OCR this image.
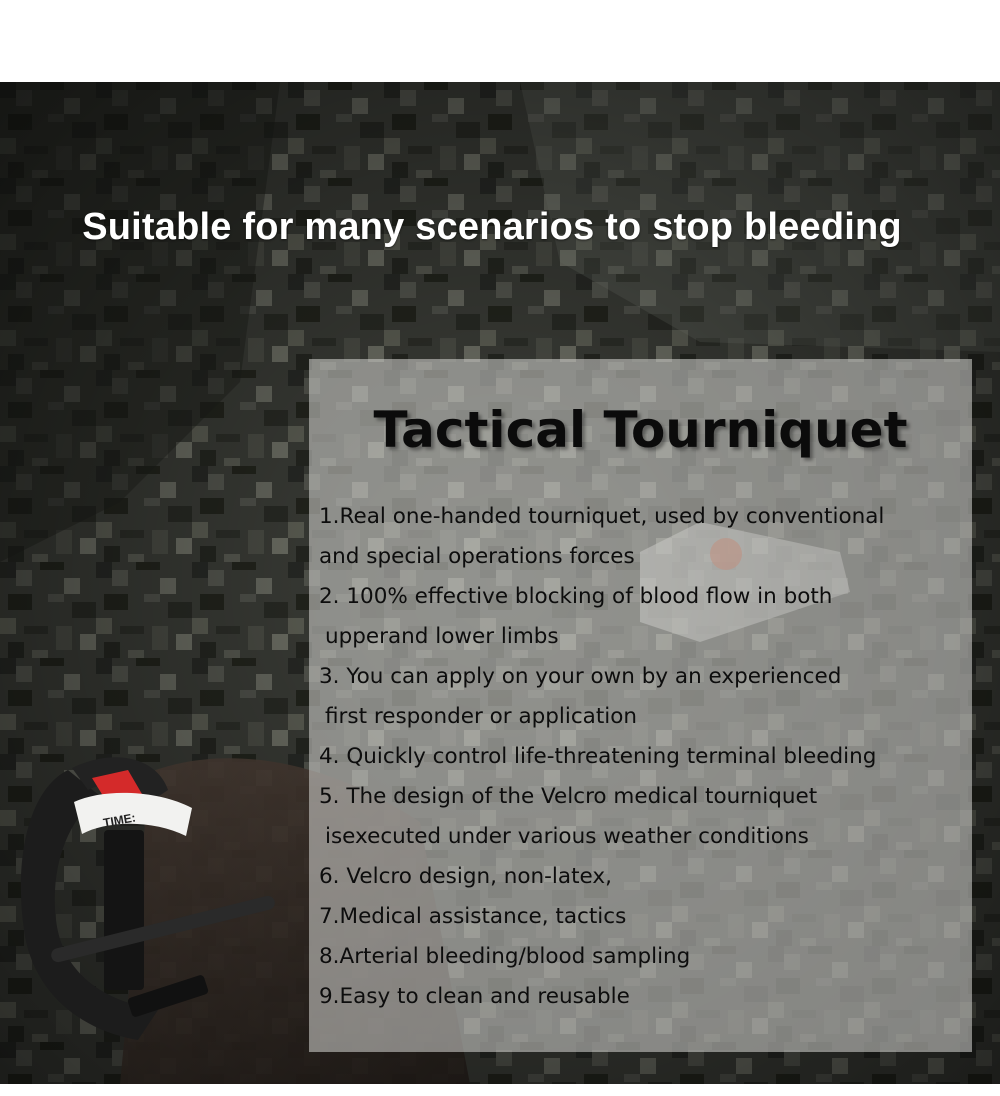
Suitable for many scenarios to stop bleeding
Tactical Tourniquet
1.Real one-handed tourniquet, used by conventional
and special operations forces
2. 100% effective blocking of blood flow in both
upperand lower limbs
3. You can apply on your own by an experienced
first responder or application
4. Quickly control life-threatening terminal bleeding
5. The design of the Velcro medical tourniquet
isexecuted under various weather conditions
6. Velcro design, non-latex,
7.Medical assistance, tactics
8.Arterial bleeding/blood sampling
9.Easy to clean and reusable
TIME:
